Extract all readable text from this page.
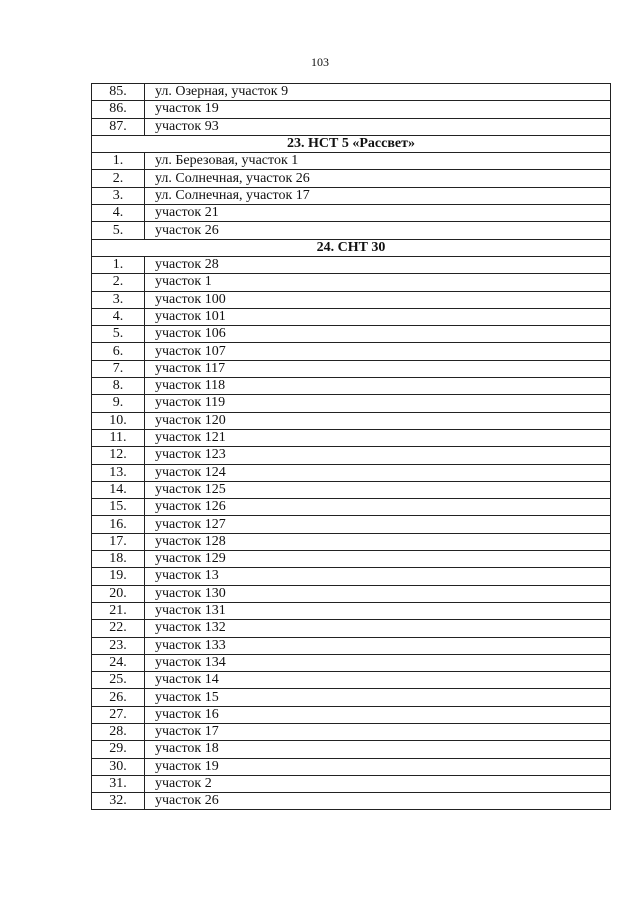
103
85.	ул. Озерная, участок 9
86.	участок 19
87.	участок 93
23. НСТ 5 «Рассвет»	
1.	ул. Березовая, участок 1
2.	ул. Солнечная, участок 26
3.	ул. Солнечная, участок 17
4.	участок 21
5.	участок 26
24. СНТ 30	
1.	участок 28
2.	участок 1
3.	участок 100
4.	участок 101
5.	участок 106
6.	участок 107
7.	участок 117
8.	участок 118
9.	участок 119
10.	участок 120
11.	участок 121
12.	участок 123
13.	участок 124
14.	участок 125
15.	участок 126
16.	участок 127
17.	участок 128
18.	участок 129
19.	участок 13
20.	участок 130
21.	участок 131
22.	участок 132
23.	участок 133
24.	участок 134
25.	участок 14
26.	участок 15
27.	участок 16
28.	участок 17
29.	участок 18
30.	участок 19
31.	участок 2
32.	участок 26
